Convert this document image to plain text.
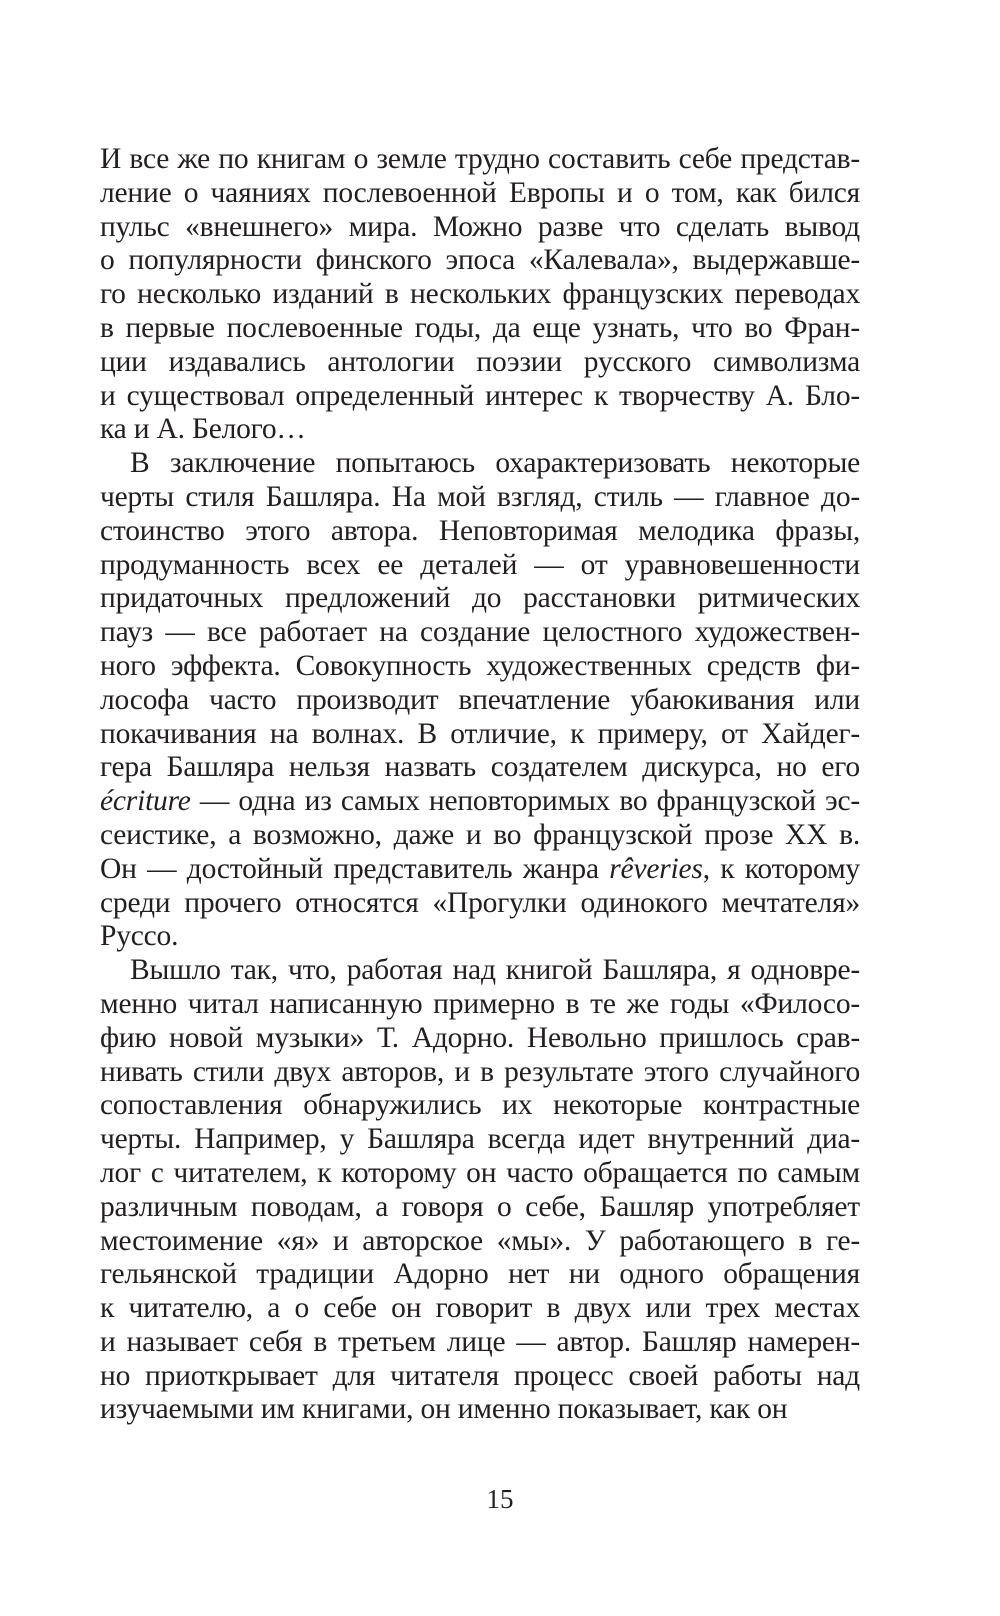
И все же по книгам о земле трудно составить себе представ-
ление о чаяниях послевоенной Европы и о том, как бился
пульс «внешнего» мира. Можно разве что сделать вывод
о популярности финского эпоса «Калевала», выдержавше-
го несколько изданий в нескольких французских переводах
в первые послевоенные годы, да еще узнать, что во Фран-
ции издавались антологии поэзии русского символизма
и существовал определенный интерес к творчеству А. Бло-
ка и А. Белого…
В заключение попытаюсь охарактеризовать некоторые
черты стиля Башляра. На мой взгляд, стиль — главное до-
стоинство этого автора. Неповторимая мелодика фразы,
продуманность всех ее деталей — от уравновешенности
придаточных предложений до расстановки ритмических
пауз — все работает на создание целостного художествен-
ного эффекта. Совокупность художественных средств фи-
лософа часто производит впечатление убаюкивания или
покачивания на волнах. В отличие, к примеру, от Хайдег-
гера Башляра нельзя назвать создателем дискурса, но его
écriture — одна из самых неповторимых во французской эс-
сеистике, а возможно, даже и во французской прозе XX в.
Он — достойный представитель жанра rêveries, к которому
среди прочего относятся «Прогулки одинокого мечтателя»
Руссо.
Вышло так, что, работая над книгой Башляра, я одновре-
менно читал написанную примерно в те же годы «Филосо-
фию новой музыки» Т. Адорно. Невольно пришлось срав-
нивать стили двух авторов, и в результате этого случайного
сопоставления обнаружились их некоторые контрастные
черты. Например, у Башляра всегда идет внутренний диа-
лог с читателем, к которому он часто обращается по самым
различным поводам, а говоря о себе, Башляр употребляет
местоимение «я» и авторское «мы». У работающего в ге-
гельянской традиции Адорно нет ни одного обращения
к читателю, а о себе он говорит в двух или трех местах
и называет себя в третьем лице — автор. Башляр намерен-
но приоткрывает для читателя процесс своей работы над
изучаемыми им книгами, он именно показывает, как он
15
